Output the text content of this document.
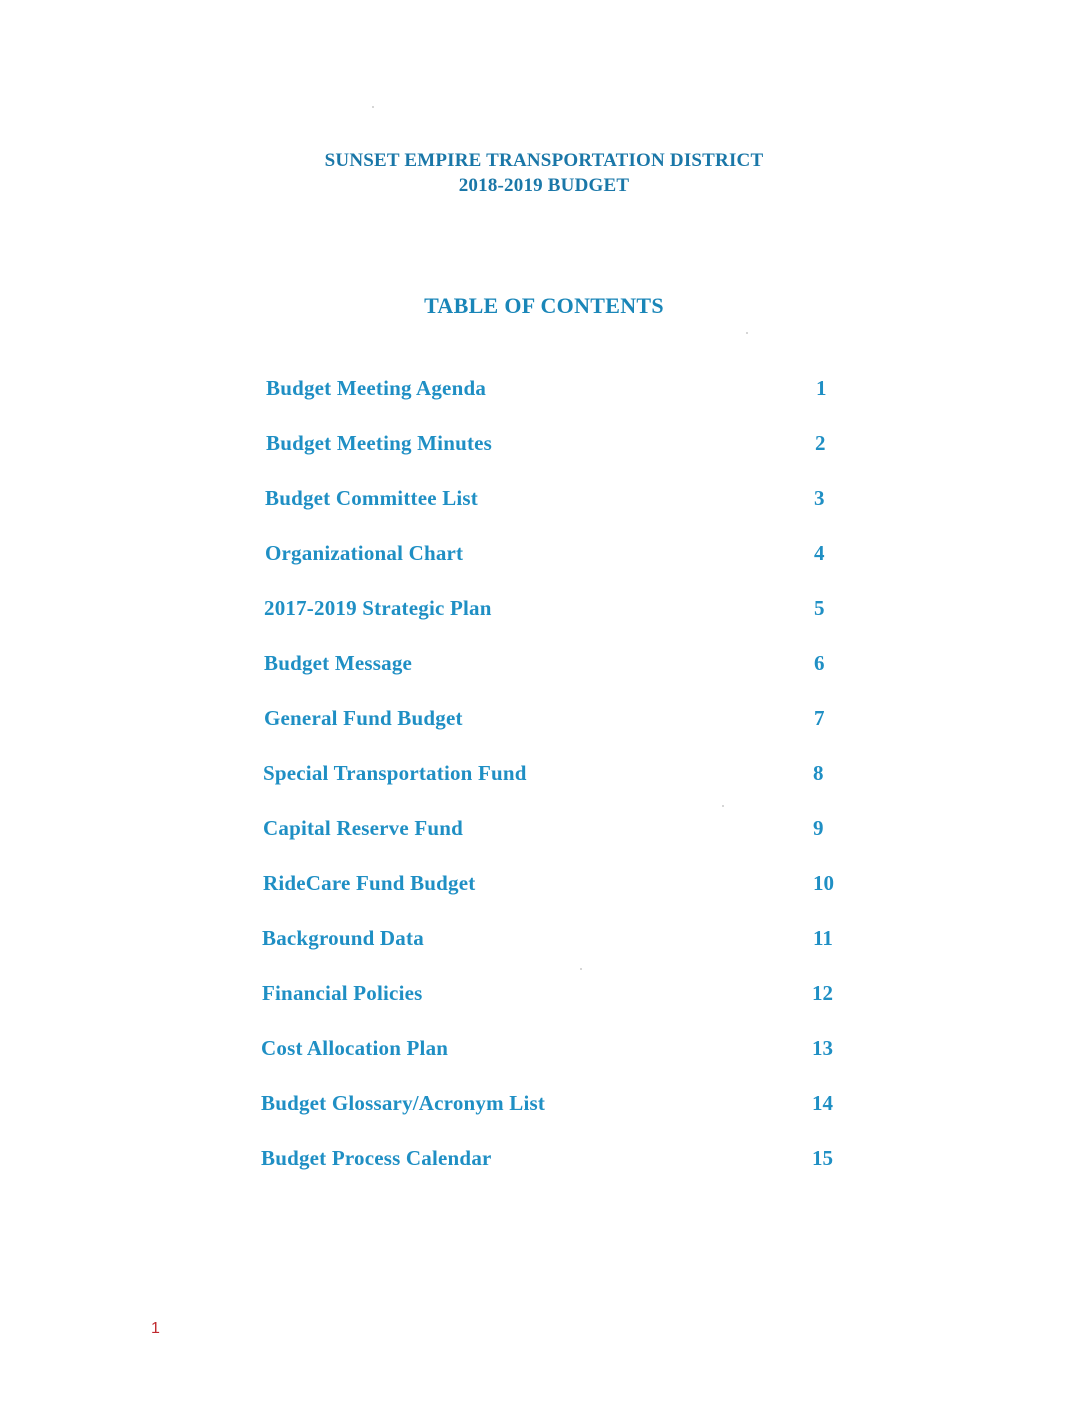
SUNSET EMPIRE TRANSPORTATION DISTRICT
2018-2019 BUDGET
TABLE OF CONTENTS
Budget Meeting Agenda	1
Budget Meeting Minutes	2
Budget Committee List	3
Organizational Chart	4
2017-2019 Strategic Plan	5
Budget Message	6
General Fund Budget	7
Special Transportation Fund	8
Capital Reserve Fund	9
RideCare Fund Budget	10
Background Data	11
Financial Policies	12
Cost Allocation Plan	13
Budget Glossary/Acronym List	14
Budget Process Calendar	15
1
